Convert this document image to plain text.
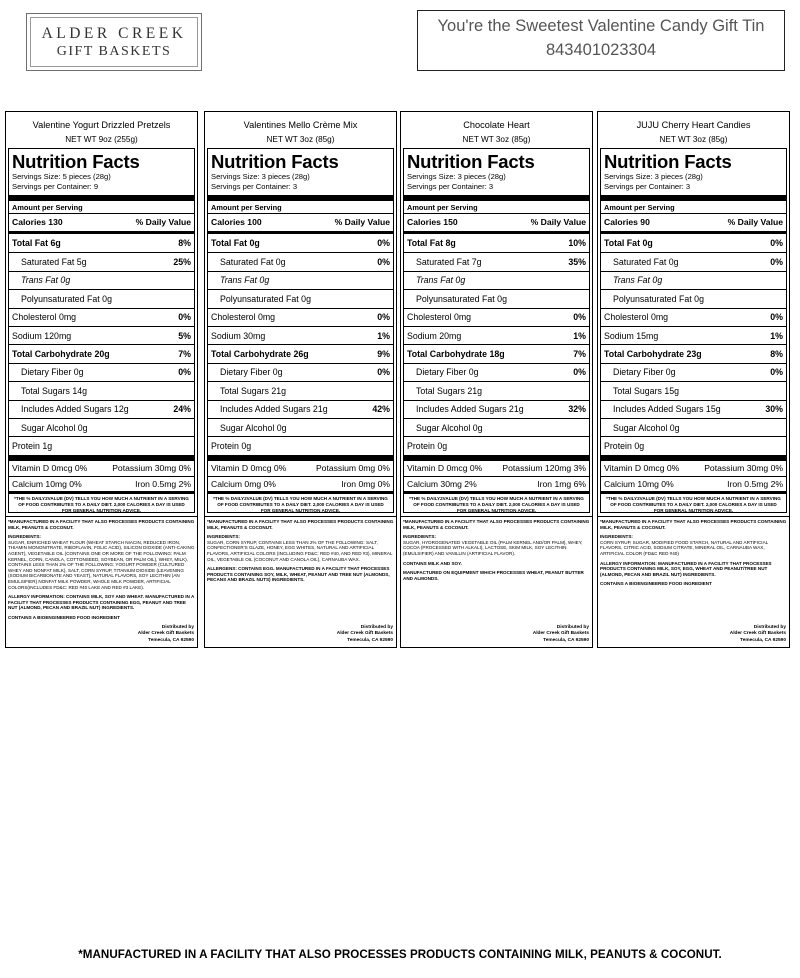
ALDER CREEK
GIFT BASKETS
You're the Sweetest Valentine Candy Gift Tin
843401023304
Valentine Yogurt Drizzled Pretzels
NET WT 9oz (255g)
Nutrition Facts
Servings Size: 5 pieces (28g)
Servings per Container: 9
Amount per Serving
Calories 130	% Daily Value
Total Fat 6g	8%
Saturated Fat 5g	25%
Trans Fat 0g
Polyunsaturated Fat 0g
Cholesterol 0mg	0%
Sodium 120mg	5%
Total Carbohydrate 20g	7%
Dietary Fiber 0g	0%
Total Sugars 14g
Includes Added Sugars 12g	24%
Sugar Alcohol 0g
Protein 1g
Vitamin D 0mcg 0%	Potassium 30mg 0%
Calcium 10mg 0%	Iron 0.5mg 2%
*THE % DAILY2VALUE (DV) TELLS YOU HOW MUCH A NUTRIENT IN A SERVING OF FOOD CONTRIBUTES TO A DAILY DIET. 2,000 CALORIES A DAY IS USED FOR GENERAL NUTRITION ADVICE.
*MANUFACTURED IN A FACILITY THAT ALSO PROCESSES PRODUCTS CONTAINING MILK, PEANUTS & COCONUT.
INGREDIENTS:
SUGAR, ENRICHED WHEAT FLOUR (WHEAT STARCH NIACIN, REDUCED IRON, THIAMIN MONONITRATE, RIBOFLAVIN, FOLIC ACID), SILICON DIOXIDE (ANTI-CAKING AGENT), VEGETABLE OIL (CONTAINS ONE OR MORE OF THE FOLLOWING: PALM KERNEL, CORN, CANOLA, COTTONSEED, SOYBEAN, OR PALM OIL), WHEY, MILK), CONTAINS LESS THAN 2% OF THE FOLLOWING: YOGURT POWDER (CULTURED WHEY AND NONFAT MILK), SALT, CORN SYRUP, TITANIUM DIOXIDE (LEAVENING (SODIUM BICARBONATE AND YEAST), NATURAL FLAVORS, SOY LECITHIN (AN EMULSIFIER) NONFAT MILK POWDER, WHOLE MILK POWDER, ARTIFICIAL COLORS(INCLUDES FD&C: RED #40 LAKE AND RED #3 LAKE).
ALLERGY INFORMATION: CONTAINS MILK, SOY AND WHEAT. MANUFACTURED IN A FACILITY THAT PROCESSES PRODUCTS CONTAINING EGG, PEANUT AND TREE NUT (ALMOND, PECAN AND BRAZIL NUT) INGREDIENTS.
CONTAINS A BIOENGINEERED FOOD INGREDIENT
Distributed by
Alder Creek Gift Baskets
Temecula, CA 92590
Valentines Mello Crème Mix
NET WT 3oz (85g)
Nutrition Facts
Servings Size: 3 pieces (28g)
Servings per Container: 3
Amount per Serving
Calories 100	% Daily Value
Total Fat 0g	0%
Saturated Fat 0g	0%
Trans Fat 0g
Polyunsaturated Fat 0g
Cholesterol 0mg	0%
Sodium 30mg	1%
Total Carbohydrate 26g	9%
Dietary Fiber 0g	0%
Total Sugars 21g
Includes Added Sugars 21g	42%
Sugar Alcohol 0g
Protein 0g
Vitamin D 0mcg 0%	Potassium 0mg 0%
Calcium 0mg 0%	Iron 0mg 0%
*THE % DAILY2VALUE (DV) TELLS YOU HOW MUCH A NUTRIENT IN A SERVING OF FOOD CONTRIBUTES TO A DAILY DIET. 2,000 CALORIES A DAY IS USED FOR GENERAL NUTRITION ADVICE.
*MANUFACTURED IN A FACILITY THAT ALSO PROCESSES PRODUCTS CONTAINING MILK, PEANUTS & COCONUT.
INGREDIENTS:
SUGAR, CORN SYRUP, CONTAINS LESS THAN 2% OF THE FOLLOWING: SALT, CONFECTIONER'S GLAZE, HONEY, EGG WHITES, NATURAL AND ARTIFICIAL FLAVORS, ARTIFICIAL COLORS (INCLUDING FD&C: RED #40, AND RED #3), MINERAL OIL, VEGETABLE OIL (COCONUT AND CANOLA OIL), CARNAUBA WAX.
ALLERGENS: CONTAINS EGG. MANUFACTURED IN A FACILITY THAT PROCESSES PRODUCTS CONTAINING SOY, MILK, WHEAT, PEANUT AND TREE NUT (ALMONDS, PECANS AND BRAZIL NUTS) INGREDIENTS.
Distributed by
Alder Creek Gift Baskets
Temecula, CA 92590
Chocolate Heart
NET WT 3oz (85g)
Nutrition Facts
Servings Size: 3 pieces (28g)
Servings per Container: 3
Amount per Serving
Calories 150	% Daily Value
Total Fat 8g	10%
Saturated Fat 7g	35%
Trans Fat 0g
Polyunsaturated Fat 0g
Cholesterol 0mg	0%
Sodium 20mg	1%
Total Carbohydrate 18g	7%
Dietary Fiber 0g	0%
Total Sugars 21g
Includes Added Sugars 21g	32%
Sugar Alcohol 0g
Protein 0g
Vitamin D 0mcg 0% Potassium 120mg 3%
Calcium 30mg 2%	Iron 1mg 6%
*THE % DAILY2VALUE (DV) TELLS YOU HOW MUCH A NUTRIENT IN A SERVING OF FOOD CONTRIBUTES TO A DAILY DIET. 2,000 CALORIES A DAY IS USED FOR GENERAL NUTRITION ADVICE.
*MANUFACTURED IN A FACILITY THAT ALSO PROCESSES PRODUCTS CONTAINING MILK, PEANUTS & COCONUT.
INGREDIENTS:
SUGAR, HYDROGENATED VEGETABLE OIL (PALM KERNEL AND/OR PALM), WHEY, COCOA (PROCESSED WITH ALKALI), LACTOSE, SKIM MILK, SOY LECITHIN (EMULSIFIER) AND VANILLIN (ARTIFICIAL FLAVOR).
CONTAINS MILK AND SOY.
MANUFACTURED ON EQUIPMENT WHICH PROCESSES WHEAT, PEANUT BUTTER AND ALMONDS.
Distributed by
Alder Creek Gift Baskets
Temecula, CA 92590
JUJU Cherry Heart Candies
NET WT 3oz (85g)
Nutrition Facts
Servings Size: 3 pieces (28g)
Servings per Container: 3
Amount per Serving
Calories 90	% Daily Value
Total Fat 0g	0%
Saturated Fat 0g	0%
Trans Fat 0g
Polyunsaturated Fat 0g
Cholesterol 0mg	0%
Sodium 15mg	1%
Total Carbohydrate 23g	8%
Dietary Fiber 0g	0%
Total Sugars 15g
Includes Added Sugars 15g	30%
Sugar Alcohol 0g
Protein 0g
Vitamin D 0mcg 0%	Potassium 30mg 0%
Calcium 10mg 0%	Iron 0.5mg 2%
*THE % DAILY2VALUE (DV) TELLS YOU HOW MUCH A NUTRIENT IN A SERVING OF FOOD CONTRIBUTES TO A DAILY DIET. 2,000 CALORIES A DAY IS USED FOR GENERAL NUTRITION ADVICE.
*MANUFACTURED IN A FACILITY THAT ALSO PROCESSES PRODUCTS CONTAINING MILK, PEANUTS & COCONUT.
INGREDIENTS:
CORN SYRUP, SUGAR, MODIFIED FOOD STARCH, NATURAL AND ARTIFICIAL FLAVORS, CITRIC ACID, SODIUM CITRATE, MINERAL OIL, CARNAUBA WAX, ARTIFICIAL COLOR (FD&C RED #40)
ALLERGY INFORMATION: MANUFACTURED IN A FACILITY THAT PROCESSES PRODUCTS CONTAINING MILK, SOY, EGG, WHEAT AND PEANUT/TREE NUT (ALMOND, PECAN AND BRAZIL NUT) INGREDIENTS.
CONTAINS A BIOENGINEERED FOOD INGREDIENT
Distributed by
Alder Creek Gift Baskets
Temecula, CA 92590
*MANUFACTURED IN A FACILITY THAT ALSO PROCESSES PRODUCTS CONTAINING MILK, PEANUTS & COCONUT.
